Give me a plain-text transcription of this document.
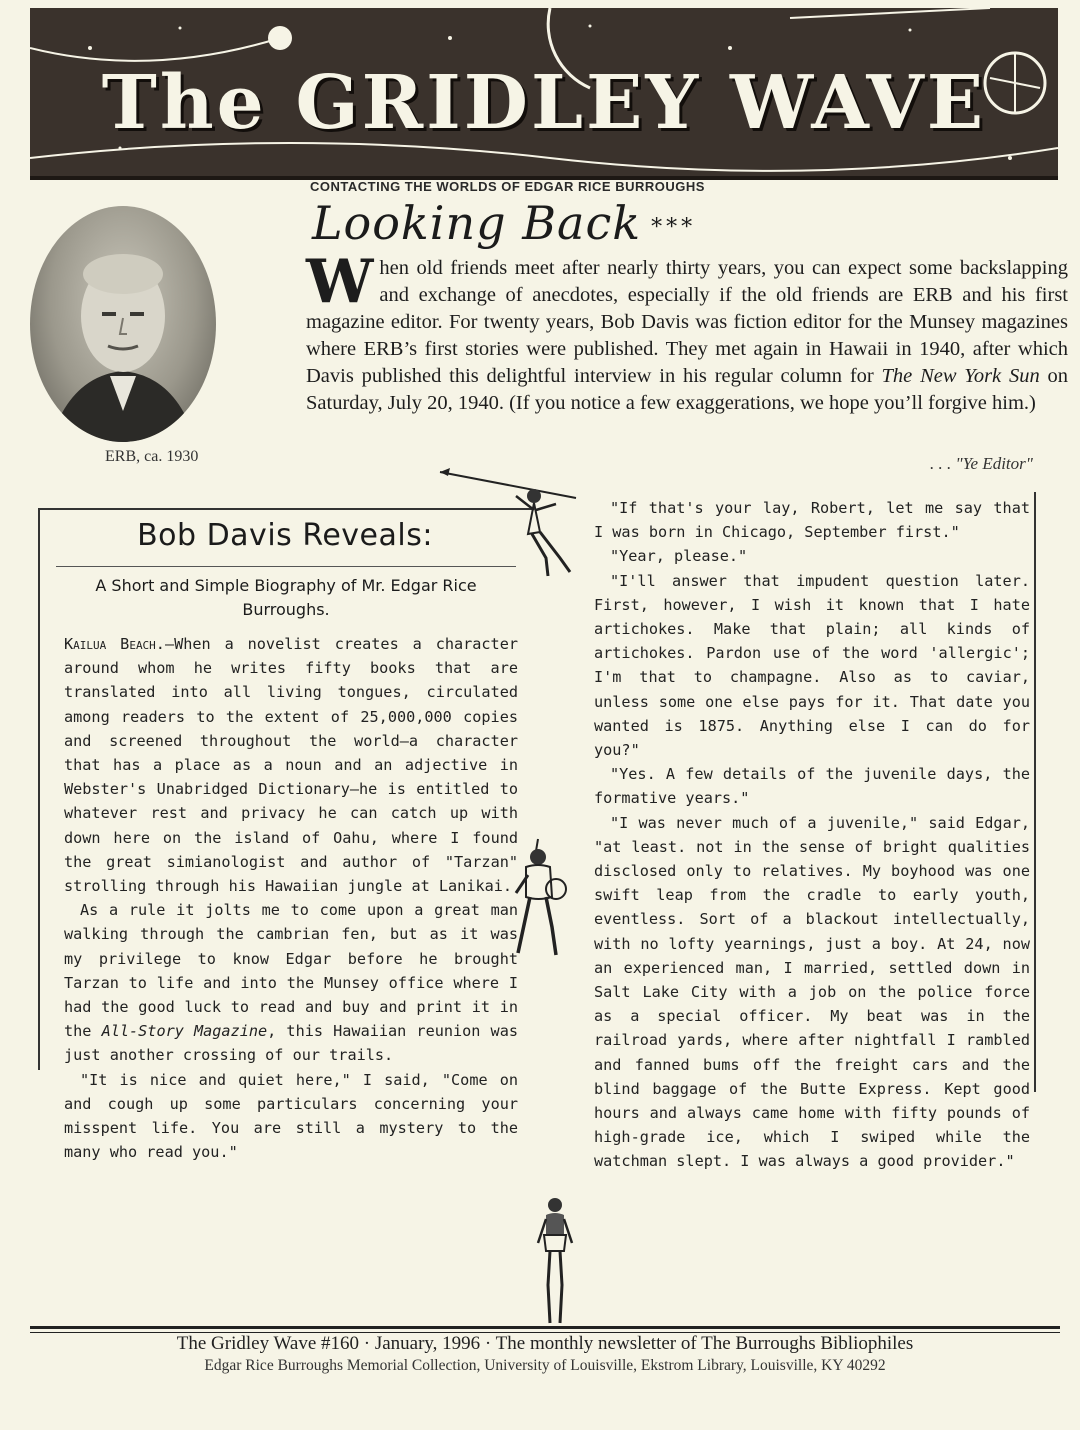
The GRIDLEY WAVE
CONTACTING THE WORLDS OF EDGAR RICE BURROUGHS
ERB, ca. 1930
Looking Back ***
When old friends meet after nearly thirty years, you can expect some backslapping and exchange of anecdotes, especially if the old friends are ERB and his first magazine editor. For twenty years, Bob Davis was fiction editor for the Munsey magazines where ERB’s first stories were published. They met again in Hawaii in 1940, after which Davis published this delightful interview in his regular column for The New York Sun on Saturday, July 20, 1940. (If you notice a few exaggerations, we hope you’ll forgive him.)
. . . "Ye Editor"
Bob Davis Reveals:
A Short and Simple Biography of Mr. Edgar Rice Burroughs.

Kailua Beach.–When a novelist creates a character around whom he writes fifty books that are translated into all living tongues, circulated among readers to the extent of 25,000,000 copies and screened throughout the world—a character that has a place as a noun and an adjective in Webster's Unabridged Dictionary—he is entitled to whatever rest and privacy he can catch up with down here on the island of Oahu, where I found the great simianologist and author of "Tarzan" strolling through his Hawaiian jungle at Lanikai.

As a rule it jolts me to come upon a great man walking through the cambrian fen, but as it was my privilege to know Edgar before he brought Tarzan to life and into the Munsey office where I had the good luck to read and buy and print it in the All-Story Magazine, this Hawaiian reunion was just another crossing of our trails.

"It is nice and quiet here," I said, "Come on and cough up some particulars concerning your misspent life. You are still a mystery to the many who read you."

"If that's your lay, Robert, let me say that I was born in Chicago, September first."

"Year, please."

"I'll answer that impudent question later. First, however, I wish it known that I hate artichokes. Make that plain; all kinds of artichokes. Pardon use of the word 'allergic'; I'm that to champagne. Also as to caviar, unless some one else pays for it. That date you wanted is 1875. Anything else I can do for you?"

"Yes. A few details of the juvenile days, the formative years."

"I was never much of a juvenile," said Edgar, "at least. not in the sense of bright qualities disclosed only to relatives. My boyhood was one swift leap from the cradle to early youth, eventless. Sort of a blackout intellectually, with no lofty yearnings, just a boy. At 24, now an experienced man, I married, settled down in Salt Lake City with a job on the police force as a special officer. My beat was in the railroad yards, where after nightfall I rambled and fanned bums off the freight cars and the blind baggage of the Butte Express. Kept good hours and always came home with fifty pounds of high-grade ice, which I swiped while the watchman slept. I was always a good provider."

The Gridley Wave #160 · January, 1996 · The monthly newsletter of The Burroughs Bibliophiles
Edgar Rice Burroughs Memorial Collection, University of Louisville, Ekstrom Library, Louisville, KY 40292
